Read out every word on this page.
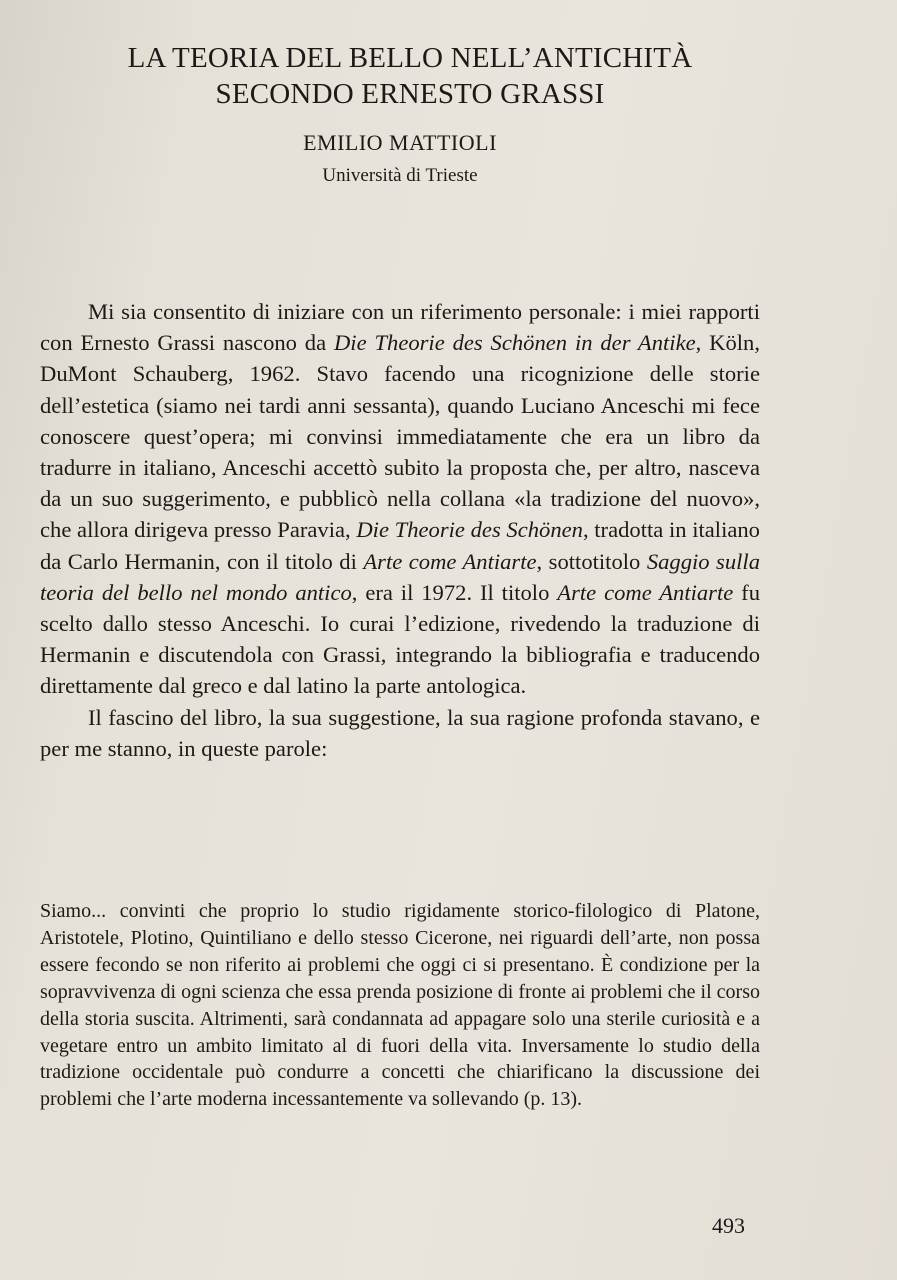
LA TEORIA DEL BELLO NELL’ANTICHITÀ
SECONDO ERNESTO GRASSI
EMILIO MATTIOLI
Università di Trieste

Mi sia consentito di iniziare con un riferimento personale: i miei rapporti con Ernesto Grassi nascono da Die Theorie des Schönen in der Antike, Köln, DuMont Schauberg, 1962. Stavo facendo una ricognizione delle storie dell’estetica (siamo nei tardi anni sessanta), quando Luciano Anceschi mi fece conoscere quest’opera; mi convinsi immediatamente che era un libro da tradurre in italiano, Anceschi accettò subito la proposta che, per altro, nasceva da un suo suggerimento, e pubblicò nella collana «la tradizione del nuovo», che allora dirigeva presso Paravia, Die Theorie des Schönen, tradotta in italiano da Carlo Hermanin, con il titolo di Arte come Antiarte, sottotitolo Saggio sulla teoria del bello nel mondo antico, era il 1972. Il titolo Arte come Antiarte fu scelto dallo stesso Anceschi. Io curai l’edizione, rivedendo la traduzione di Hermanin e discutendola con Grassi, integrando la bibliografia e traducendo direttamente dal greco e dal latino la parte antologica.

Il fascino del libro, la sua suggestione, la sua ragione profonda stavano, e per me stanno, in queste parole:

Siamo... convinti che proprio lo studio rigidamente storico-filologico di Platone, Aristotele, Plotino, Quintiliano e dello stesso Cicerone, nei riguardi dell’arte, non possa essere fecondo se non riferito ai problemi che oggi ci si presentano. È condizione per la sopravvivenza di ogni scienza che essa prenda posizione di fronte ai problemi che il corso della storia suscita. Altrimenti, sarà condannata ad appagare solo una sterile curiosità e a vegetare entro un ambito limitato al di fuori della vita. Inversamente lo studio della tradizione occidentale può condurre a concetti che chiarificano la discussione dei problemi che l’arte moderna incessantemente va sollevando (p. 13).

493
